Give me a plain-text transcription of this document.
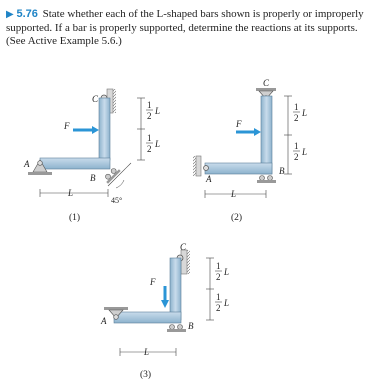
▶ 5.76 State whether each of the L-shaped bars shown is properly or improperly supported. If a bar is properly supported, determine the reactions at its supports. (See Active Example 5.6.)
C
F
A
B
45°
L
1
2 L
1
2 L
(1)
C
F
A
B
L
1
2 L
1
2 L
(2)
C
F
A	B
L
1
2 L
1
2 L
(3)
